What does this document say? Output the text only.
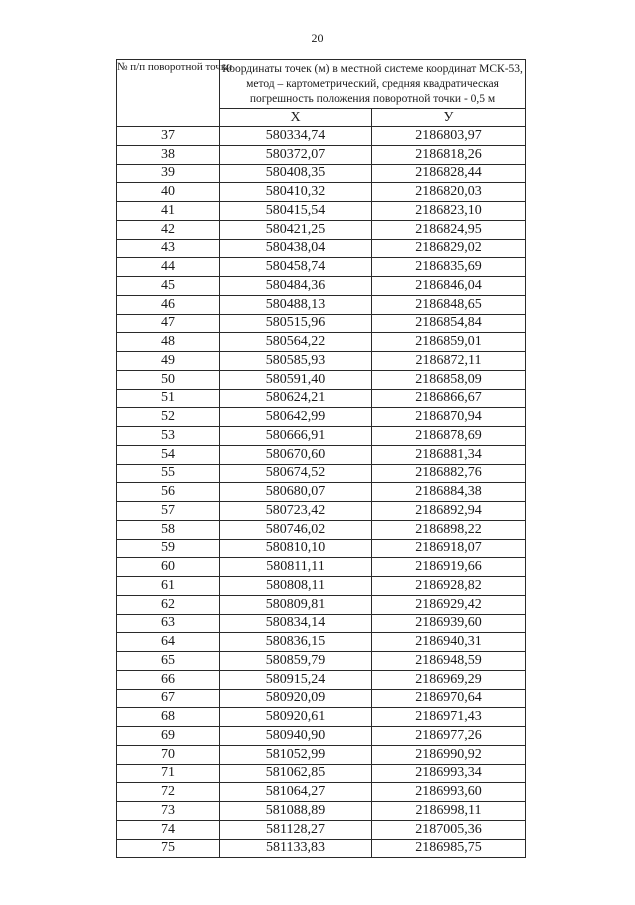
20
№ п/п поворотной точки	Координаты точек (м) в местной системе координат МСК-53, метод – картометрический, средняя квадратическая погрешность положения поворотной точки - 0,5 м	
	Х	У
37	580334,74	2186803,97
38	580372,07	2186818,26
39	580408,35	2186828,44
40	580410,32	2186820,03
41	580415,54	2186823,10
42	580421,25	2186824,95
43	580438,04	2186829,02
44	580458,74	2186835,69
45	580484,36	2186846,04
46	580488,13	2186848,65
47	580515,96	2186854,84
48	580564,22	2186859,01
49	580585,93	2186872,11
50	580591,40	2186858,09
51	580624,21	2186866,67
52	580642,99	2186870,94
53	580666,91	2186878,69
54	580670,60	2186881,34
55	580674,52	2186882,76
56	580680,07	2186884,38
57	580723,42	2186892,94
58	580746,02	2186898,22
59	580810,10	2186918,07
60	580811,11	2186919,66
61	580808,11	2186928,82
62	580809,81	2186929,42
63	580834,14	2186939,60
64	580836,15	2186940,31
65	580859,79	2186948,59
66	580915,24	2186969,29
67	580920,09	2186970,64
68	580920,61	2186971,43
69	580940,90	2186977,26
70	581052,99	2186990,92
71	581062,85	2186993,34
72	581064,27	2186993,60
73	581088,89	2186998,11
74	581128,27	2187005,36
75	581133,83	2186985,75
